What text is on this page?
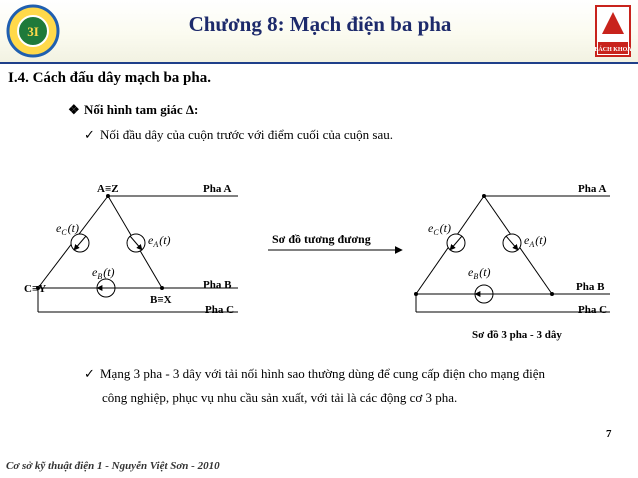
3I	Chương 8: Mạch điện ba pha
BÁCH KHOA
I.4. Cách đấu dây mạch ba pha.
❖ Nối hình tam giác Δ:
✓ Nối đầu dây của cuộn trước với điểm cuối của cuộn sau.
A≡Z
C≡Y
B≡X
Pha A
Pha B
Pha C
$e_C(t)$
$e_A(t)$
$e_B(t)$
Sơ đồ tương đương
Pha A
Pha B
Pha C
Sơ đồ 3 pha - 3 dây
$e_C(t)$
$e_A(t)$
$e_B(t)$
✓ Mạng 3 pha - 3 dây với tải nối hình sao thường dùng để cung cấp điện cho mạng điện
công nghiệp, phục vụ nhu cầu sản xuất, với tải là các động cơ 3 pha.
7
Cơ sở kỹ thuật điện 1 - Nguyễn Việt Sơn - 2010
